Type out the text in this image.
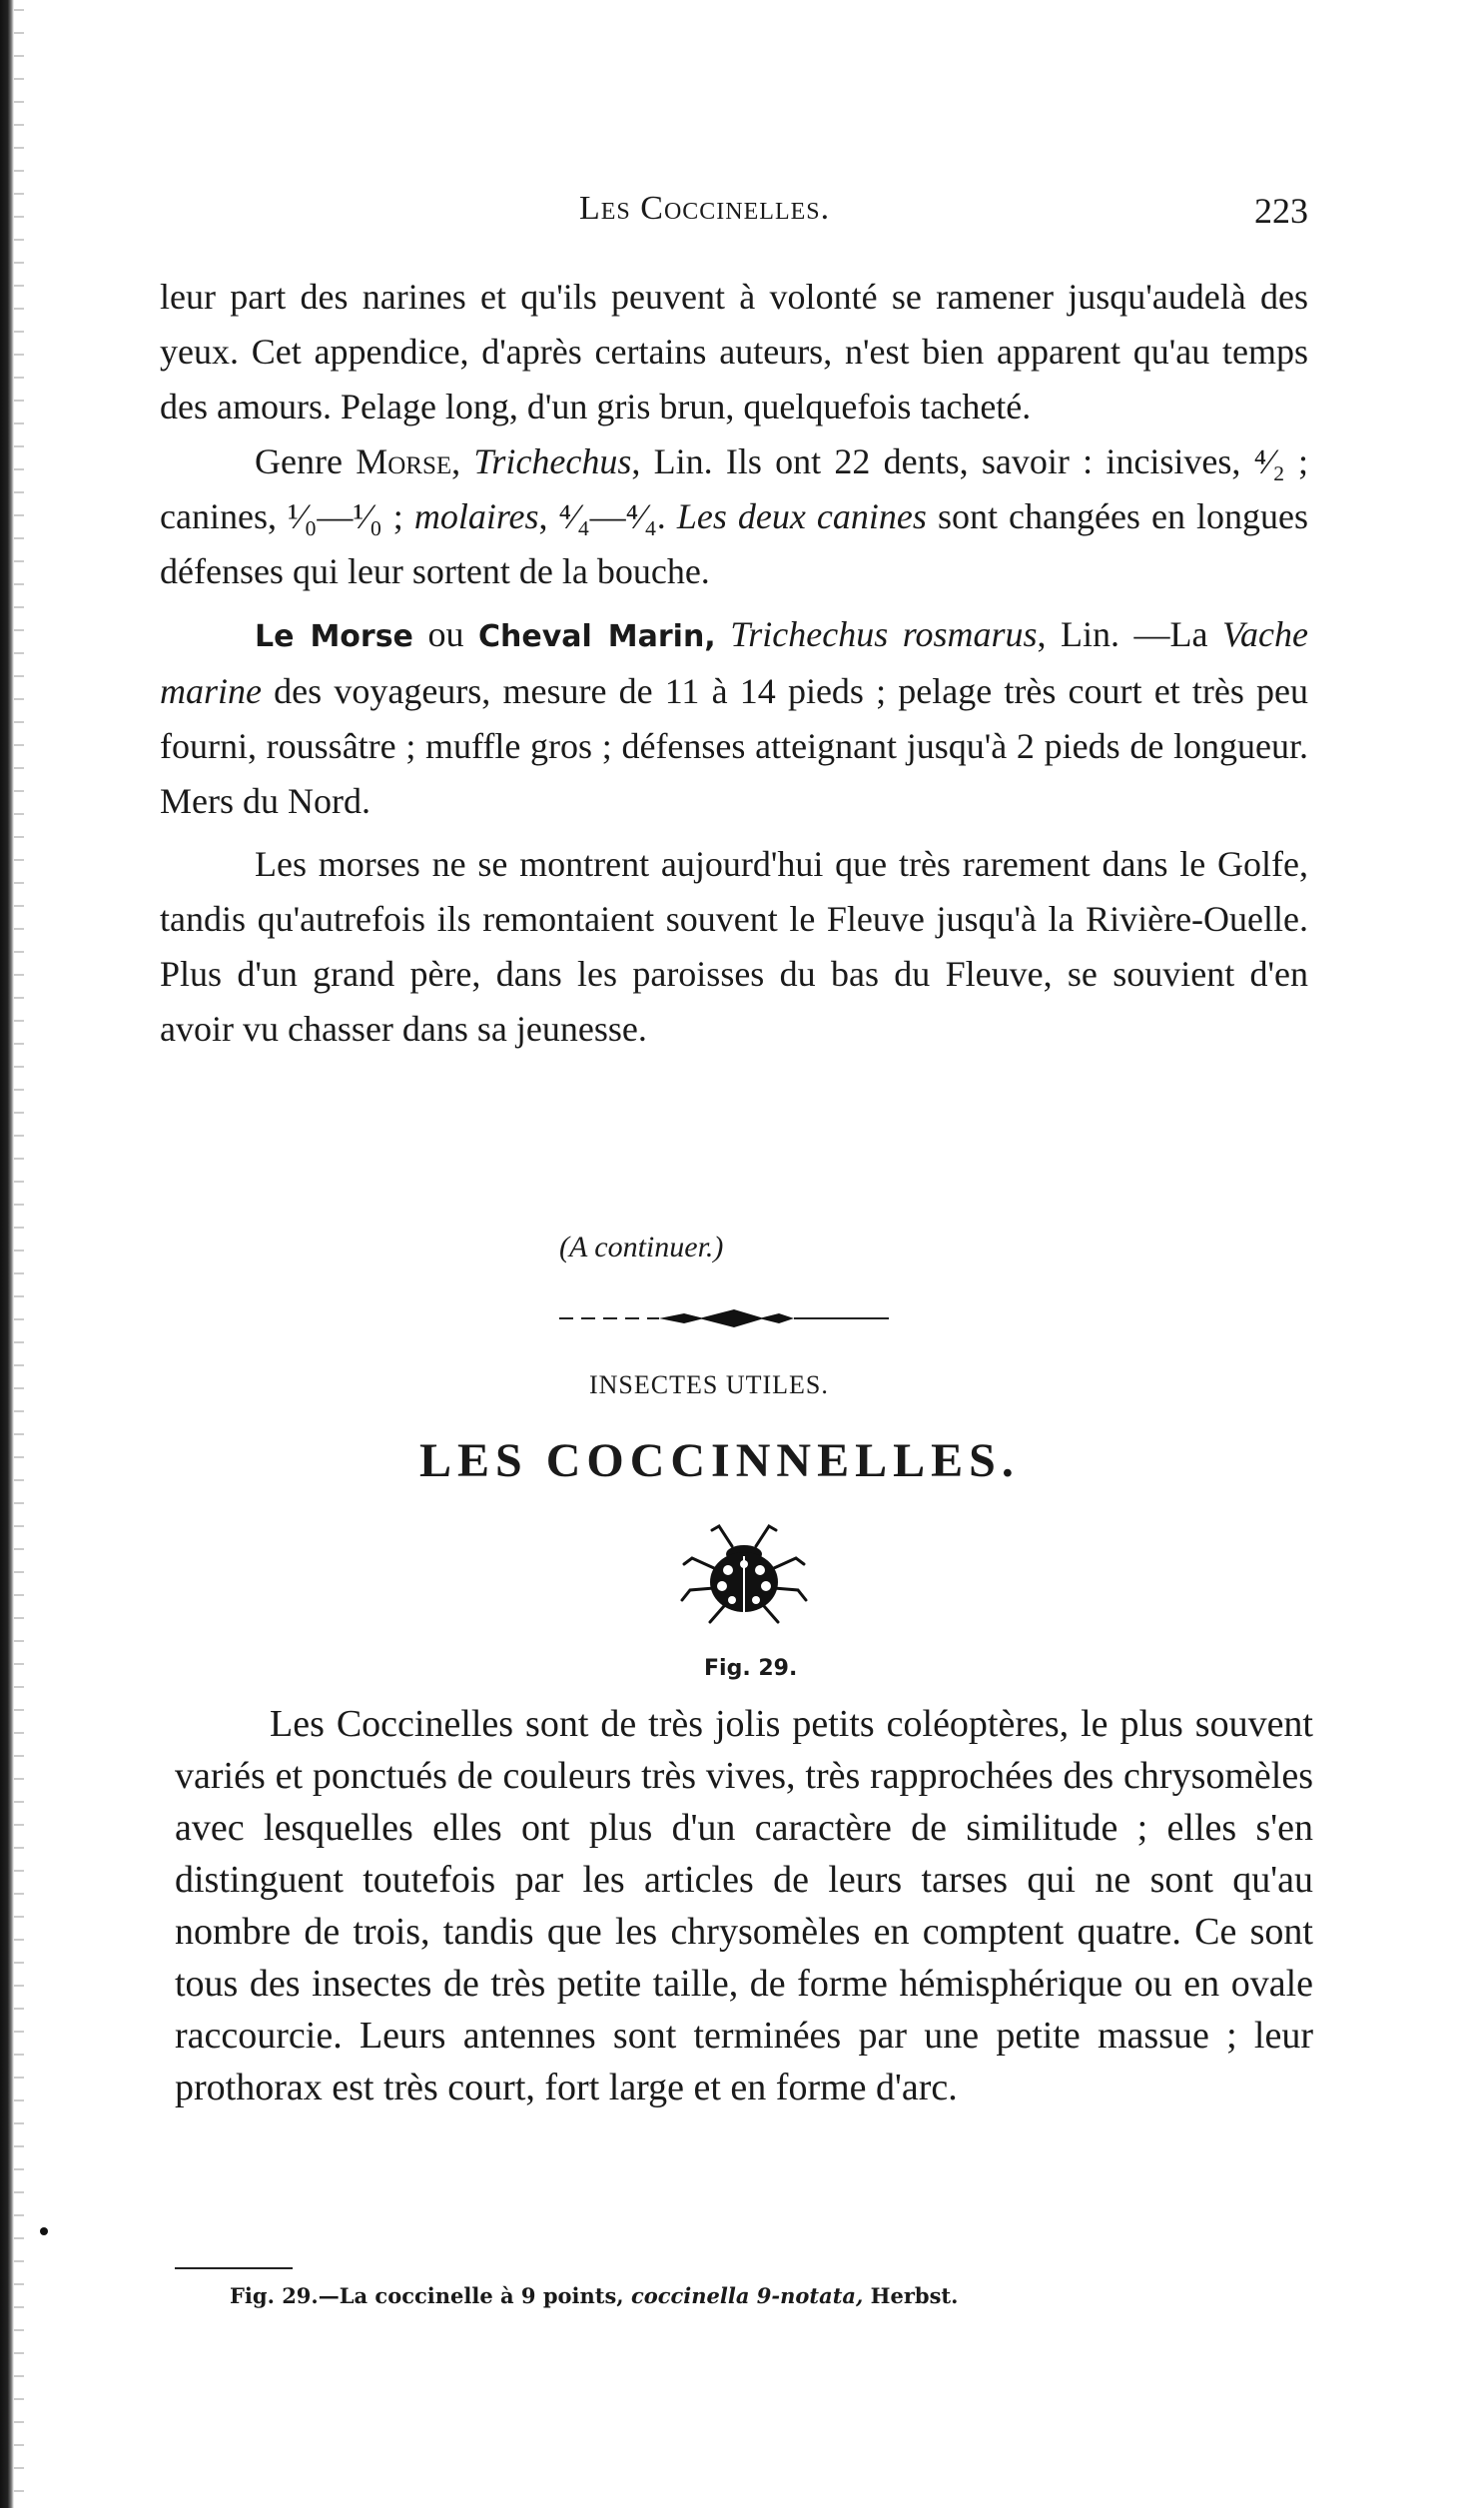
Les Coccinelles.	223

leur part des narines et qu'ils peuvent à volonté se ramener jusqu'audelà des yeux. Cet appendice, d'après certains auteurs, n'est bien apparent qu'au temps des amours. Pelage long, d'un gris brun, quelquefois tacheté.

Genre Morse, Trichechus, Lin. Ils ont 22 dents, savoir : incisives, ⁴⁄₂ ; canines, ¹⁄₀—¹⁄₀ ; molaires, ⁴⁄₄—⁴⁄₄. Les deux canines sont changées en longues défenses qui leur sortent de la bouche.

Le Morse ou Cheval Marin, Trichechus rosmarus, Lin. —La Vache marine des voyageurs, mesure de 11 à 14 pieds ; pelage très court et très peu fourni, roussâtre ; muffle gros ; défenses atteignant jusqu'à 2 pieds de longueur. Mers du Nord.

Les morses ne se montrent aujourd'hui que très rarement dans le Golfe, tandis qu'autrefois ils remontaient souvent le Fleuve jusqu'à la Rivière-Ouelle. Plus d'un grand père, dans les paroisses du bas du Fleuve, se souvient d'en avoir vu chasser dans sa jeunesse.

(A continuer.)
INSECTES UTILES.
LES COCCINNELLES.
Fig. 29.

Les Coccinelles sont de très jolis petits coléoptères, le plus souvent variés et ponctués de couleurs très vives, très rapprochées des chrysomèles avec lesquelles elles ont plus d'un caractère de similitude ; elles s'en distinguent toutefois par les articles de leurs tarses qui ne sont qu'au nombre de trois, tandis que les chrysomèles en comptent quatre. Ce sont tous des insectes de très petite taille, de forme hémisphérique ou en ovale raccourcie. Leurs antennes sont terminées par une petite massue ; leur prothorax est très court, fort large et en forme d'arc.

Fig. 29.—La coccinelle à 9 points, coccinella 9-notata, Herbst.
